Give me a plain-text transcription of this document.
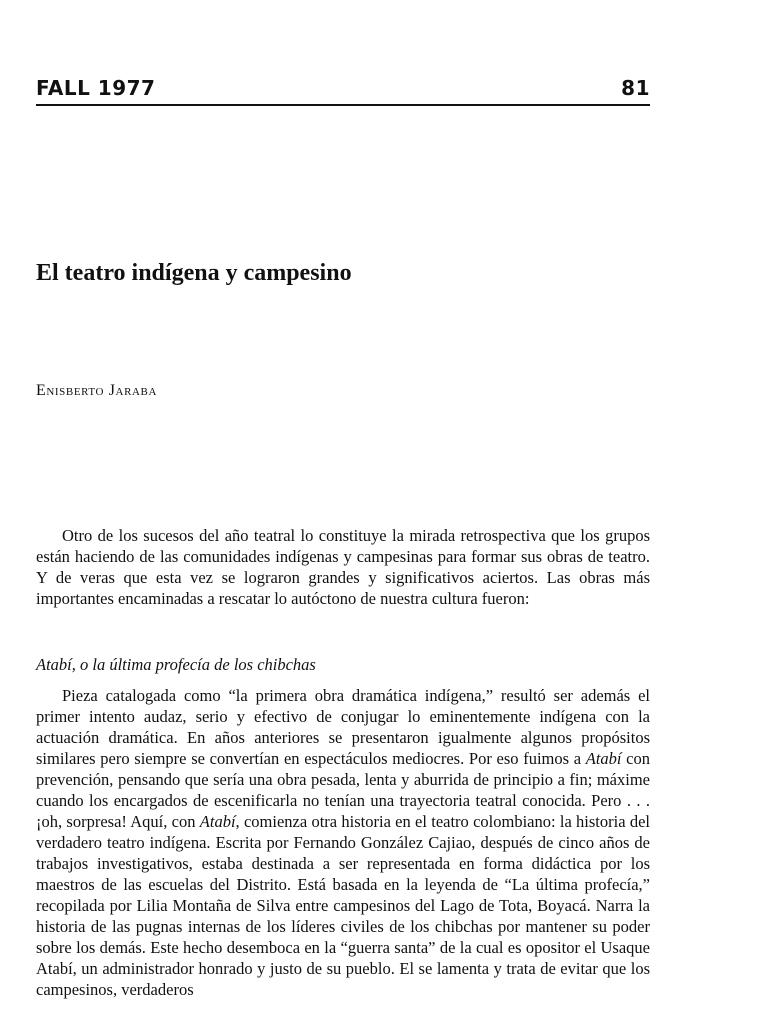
FALL 1977	81
El teatro indígena y campesino

Enisberto Jaraba

Otro de los sucesos del año teatral lo constituye la mirada retrospectiva que los grupos están haciendo de las comunidades indígenas y campesinas para formar sus obras de teatro. Y de veras que esta vez se lograron grandes y significativos aciertos. Las obras más importantes encaminadas a rescatar lo autóctono de nuestra cultura fueron:

Atabí, o la última profecía de los chibchas

Pieza catalogada como “la primera obra dramática indígena,” resultó ser además el primer intento audaz, serio y efectivo de conjugar lo eminentemente indígena con la actuación dramática. En años anteriores se presentaron igualmente algunos propósitos similares pero siempre se convertían en espectáculos mediocres. Por eso fuimos a Atabí con prevención, pensando que sería una obra pesada, lenta y aburrida de principio a fin; máxime cuando los encargados de escenificarla no tenían una trayectoria teatral conocida. Pero . . . ¡oh, sorpresa! Aquí, con Atabí, comienza otra historia en el teatro colombiano: la historia del verdadero teatro indígena. Escrita por Fernando González Cajiao, después de cinco años de trabajos investigativos, estaba destinada a ser representada en forma didáctica por los maestros de las escuelas del Distrito. Está basada en la leyenda de “La última profecía,” recopilada por Lilia Montaña de Silva entre campesinos del Lago de Tota, Boyacá. Narra la historia de las pugnas internas de los líderes civiles de los chibchas por mantener su poder sobre los demás. Este hecho desemboca en la “guerra santa” de la cual es opositor el Usaque Atabí, un administrador honrado y justo de su pueblo. El se lamenta y trata de evitar que los campesinos, verdaderos
